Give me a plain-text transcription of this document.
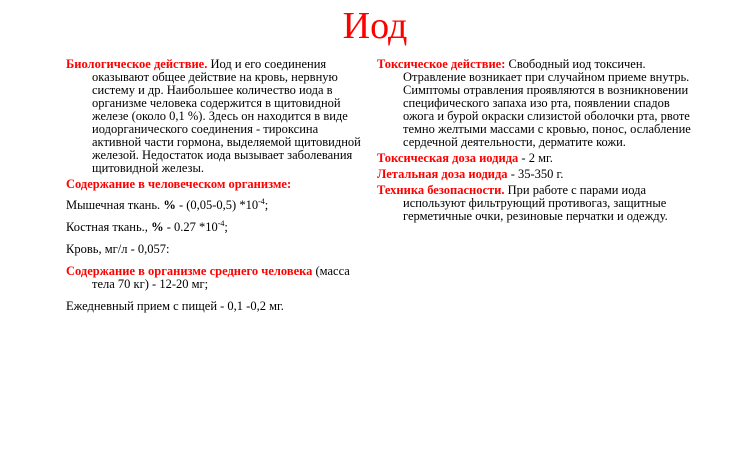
Иод

Биологическое действие. Иод и его соединения оказывают общее действие на кровь, нервную систему и др. Наибольшее количество иода в организме человека содержится в щитовидной железе (около 0,1 %). Здесь он находится в виде иодорганического соединения - тироксина активной части гормона, выделяемой щитовидной железой. Недостаток иода вызывает заболевания щитовидной железы.

Содержание в человеческом организме:

Мышечная ткань. % - (0,05-0,5) $*10^{-4}$;

Костная ткань., % - 0.27 $*10^{-4}$;

Кровь, мг/л - 0,057:

Содержание в организме среднего человека (масса тела 70 кг) - 12-20 мг;

Ежедневный прием с пищей - 0,1 -0,2 мг.

Токсическое действие: Свободный иод токсичен. Отравление возникает при случайном приеме внутрь. Симптомы отравления проявляются в возникновении специфического запаха изо рта, появлении спадов ожога и бурой окраски слизистой оболочки рта, рвоте темно желтыми массами с кровью, понос, ослабление сердечной деятельности, дерматите кожи.

Токсическая доза иодида - 2 мг.

Летальная доза иодида - 35-350 г.

Техника безопасности. При работе с парами иода используют фильтрующий противогаз, защитные герметичные очки, резиновые перчатки и одежду.
